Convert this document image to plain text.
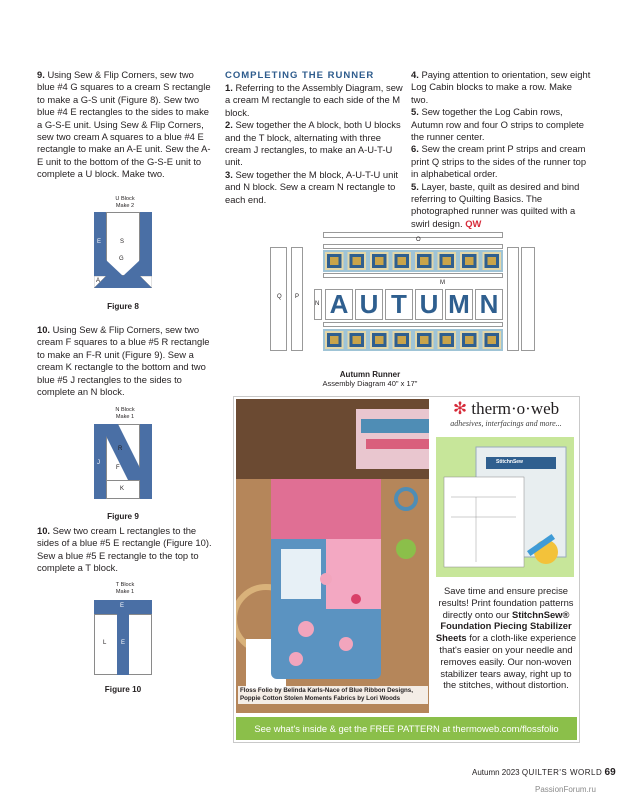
9. Using Sew & Flip Corners, sew two blue #4 G squares to a cream S rectangle to make a G-S unit (Figure 8). Sew two blue #4 E rectangles to the sides to make a G-S-E unit. Using Sew & Flip Corners, sew two cream A squares to a blue #4 E rectangle to make an A-E unit. Sew the A-E unit to the bottom of the G-S-E unit to complete a U block. Make two.
U Block
Make 2
E	S
G
A
Figure 8
10. Using Sew & Flip Corners, sew two cream F squares to a blue #5 R rectangle to make an F-R unit (Figure 9). Sew a cream K rectangle to the bottom and two blue #5 J rectangles to the sides to complete an N block.
N Block
Make 1
R
J
F
K
Figure 9
10. Sew two cream L rectangles to the sides of a blue #5 E rectangle (Figure 10). Sew a blue #5 E rectangle to the top to complete a T block.
T Block
Make 1
E
L E
Figure 10
COMPLETING THE RUNNER
1. Referring to the Assembly Diagram, sew a cream M rectangle to each side of the M block.
2. Sew together the A block, both U blocks and the T block, alternating with three cream J rectangles, to make an A-U-T-U unit.
3. Sew together the M block, A-U-T-U unit and N block. Sew a cream N rectangle to each end.
4. Paying attention to orientation, sew eight Log Cabin blocks to make a row. Make two.
5. Sew together the Log Cabin rows, Autumn row and four O strips to complete the runner center.
6. Sew the cream print P strips and cream print Q strips to the sides of the runner top in alphabetical order.
5. Layer, baste, quilt as desired and bind referring to Quilting Basics. The photographed runner was quilted with a swirl design. QW
Q P
O
M
N A U T U M N
Autumn Runner
Assembly Diagram 40" x 17"
Floss Folio by Belinda Karls-Nace of Blue Ribbon Designs,
Poppie Cotton Stolen Moments Fabrics by Lori Woods
✻ therm·o·web
adhesives, interfacings and more...
StitchnSew
Save time and ensure precise results! Print foundation patterns directly onto our StitchnSew® Foundation Piecing Stabilizer Sheets for a cloth-like experience that's easier on your needle and removes easily. Our non-woven stabilizer tears away, right up to the stitches, without distortion.
See what's inside & get the FREE PATTERN at thermoweb.com/flossfolio
Autumn 2023 QUILTER'S WORLD 69
PassionForum.ru
